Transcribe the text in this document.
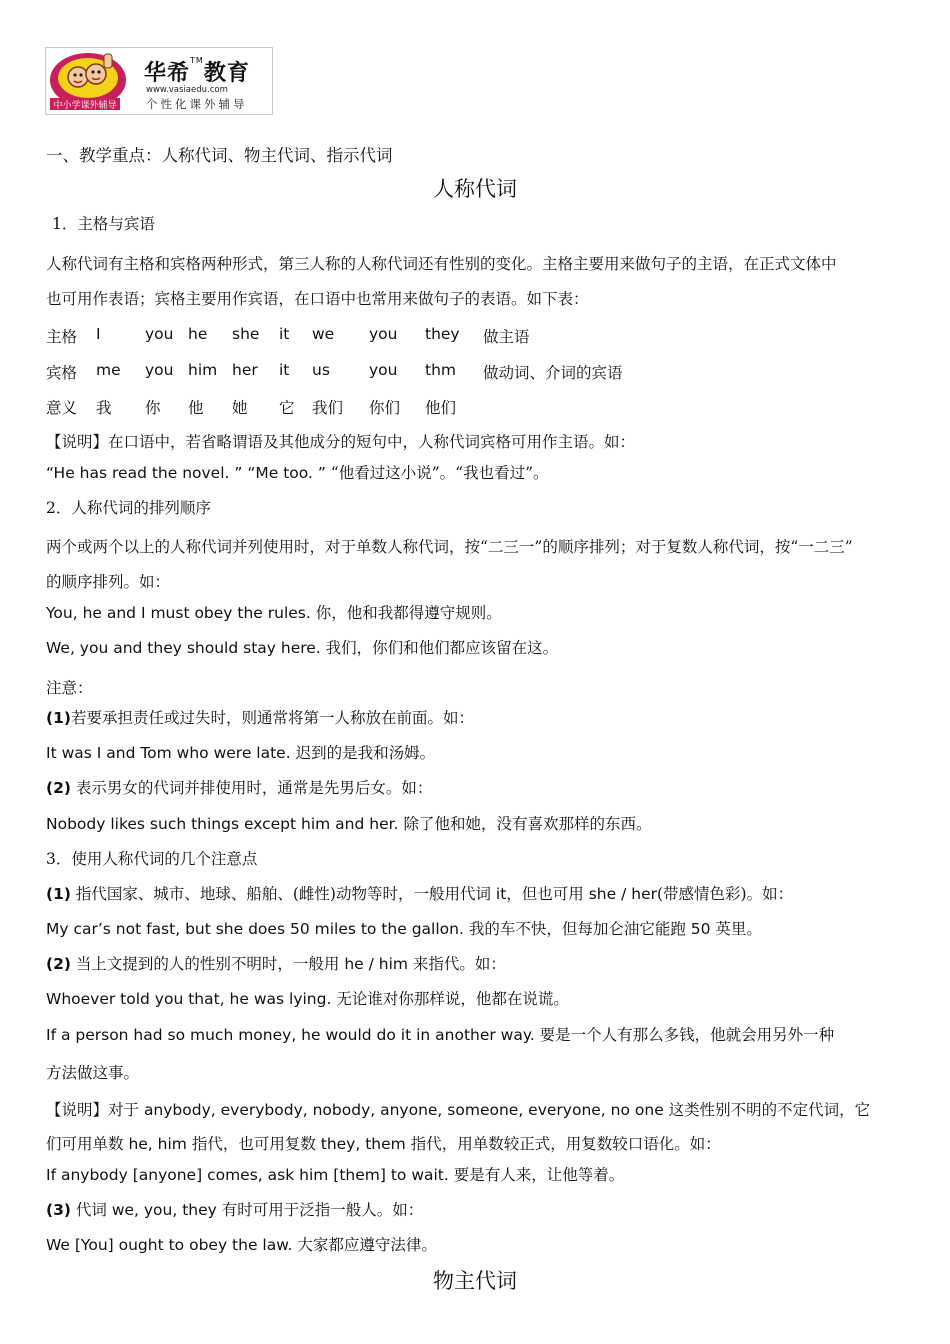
中小学课外辅导
华希™教育
www.vasiaedu.com
个性化课外辅导
一、教学重点：人称代词、物主代词、指示代词
人称代词
1．主格与宾语
人称代词有主格和宾格两种形式，第三人称的人称代词还有性别的变化。主格主要用来做句子的主语，在正式文体中
也可用作表语；宾格主要用作宾语，在口语中也常用来做句子的表语。如下表：
主格 I	you he she it we you they 做主语
宾格 me you him her it us	you thm 做动词、介词的宾语
意义 我 你 他 她 它 我们 你们 他们
【说明】在口语中，若省略谓语及其他成分的短句中，人称代词宾格可用作主语。如：
“He has read the novel. ” “Me too. ” “他看过这小说”。“我也看过”。
2．人称代词的排列顺序
两个或两个以上的人称代词并列使用时，对于单数人称代词，按“二三一”的顺序排列；对于复数人称代词，按“一二三”
的顺序排列。如：
You, he and I must obey the rules. 你，他和我都得遵守规则。
We, you and they should stay here. 我们，你们和他们都应该留在这。
注意：
(1)若要承担责任或过失时，则通常将第一人称放在前面。如：
It was I and Tom who were late. 迟到的是我和汤姆。
(2) 表示男女的代词并排使用时，通常是先男后女。如：
Nobody likes such things except him and her. 除了他和她，没有喜欢那样的东西。
3．使用人称代词的几个注意点
(1) 指代国家、城市、地球、船舶、(雌性)动物等时，一般用代词 it，但也可用 she / her(带感情色彩)。如：
My car’s not fast, but she does 50 miles to the gallon. 我的车不快，但每加仑油它能跑 50 英里。
(2) 当上文提到的人的性别不明时，一般用 he / him 来指代。如：
Whoever told you that, he was lying. 无论谁对你那样说，他都在说谎。
If a person had so much money, he would do it in another way. 要是一个人有那么多钱，他就会用另外一种
方法做这事。
【说明】对于 anybody, everybody, nobody, anyone, someone, everyone, no one 这类性别不明的不定代词，它
们可用单数 he, him 指代，也可用复数 they, them 指代，用单数较正式，用复数较口语化。如：
If anybody [anyone] comes, ask him [them] to wait. 要是有人来，让他等着。
(3) 代词 we, you, they 有时可用于泛指一般人。如：
We [You] ought to obey the law. 大家都应遵守法律。
物主代词
